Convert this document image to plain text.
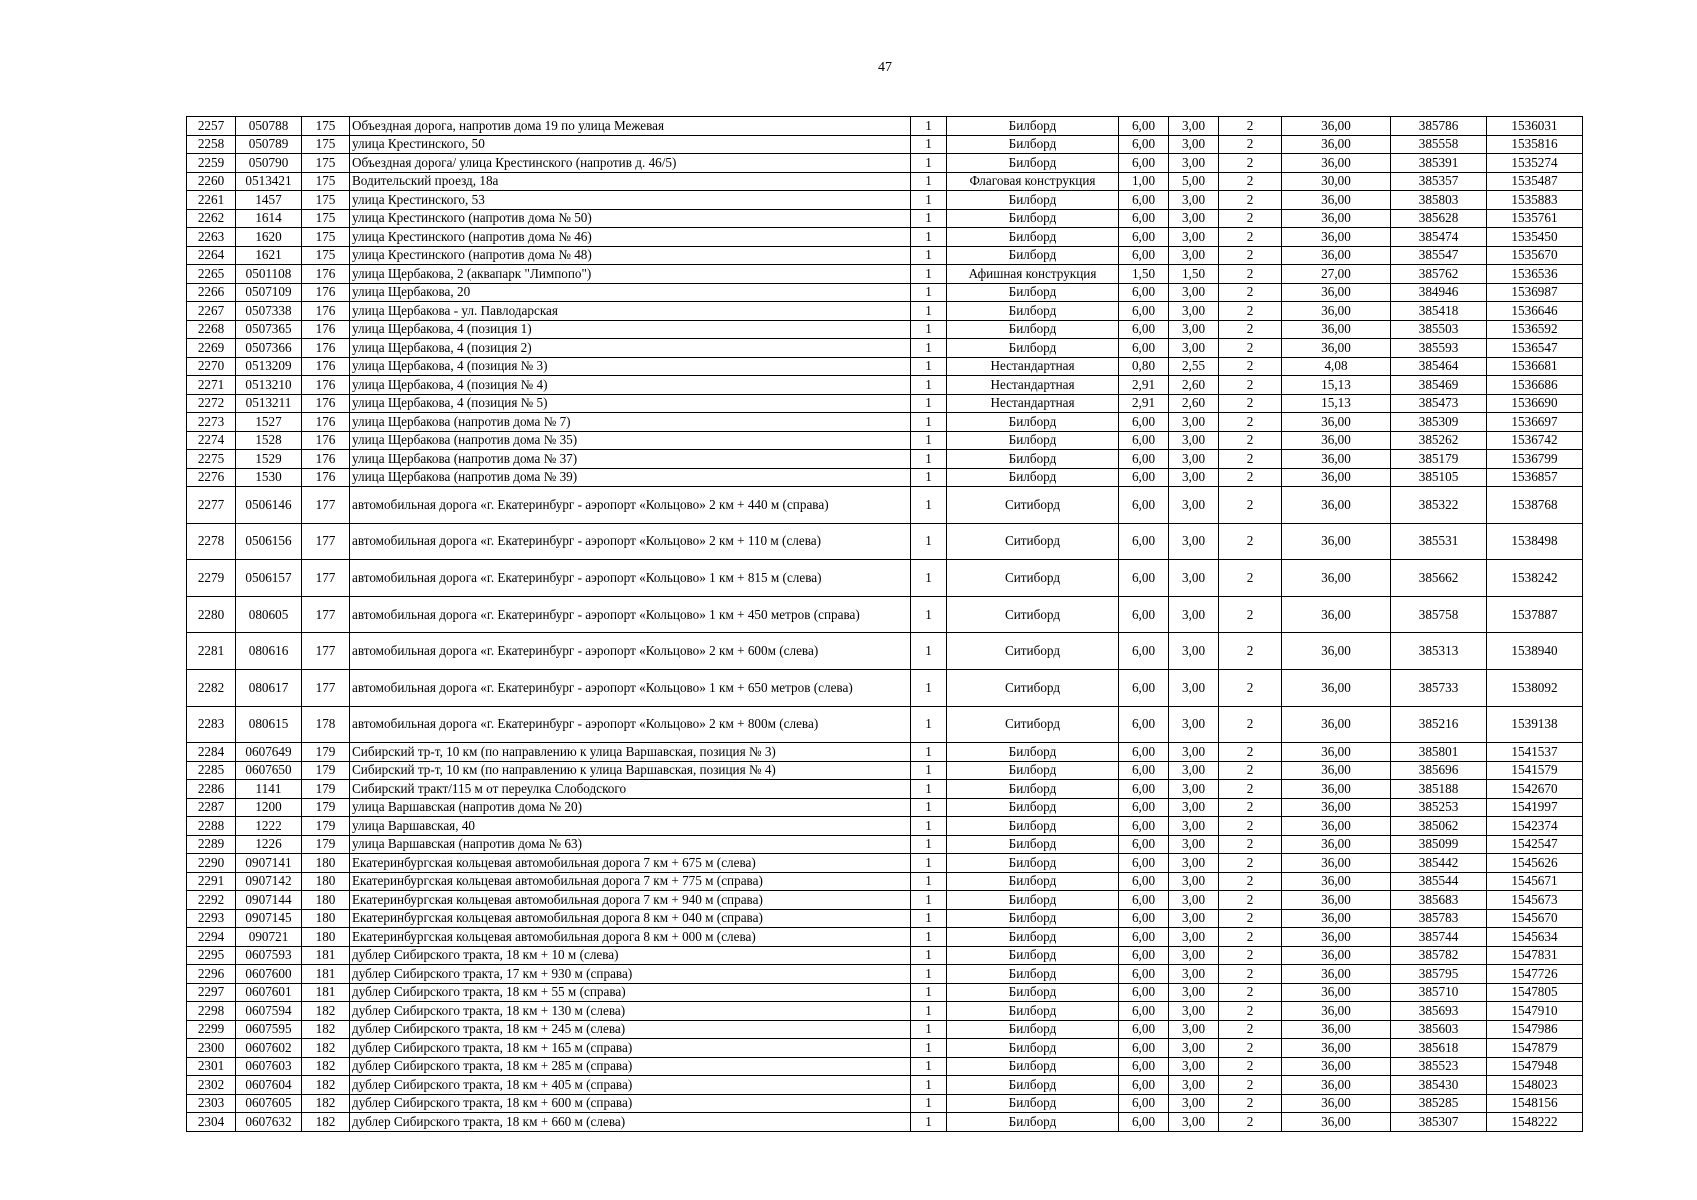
47
2257	050788	175	Объездная дорога, напротив дома 19 по улица Межевая	1	Билборд	6,00	3,00	2	36,00	385786	1536031
2258	050789	175	улица Крестинского, 50	1	Билборд	6,00	3,00	2	36,00	385558	1535816
2259	050790	175	Объездная дорога/ улица Крестинского (напротив д. 46/5)	1	Билборд	6,00	3,00	2	36,00	385391	1535274
2260	0513421	175	Водительский проезд, 18а	1	Флаговая конструкция	1,00	5,00	2	30,00	385357	1535487
2261	1457	175	улица Крестинского, 53	1	Билборд	6,00	3,00	2	36,00	385803	1535883
2262	1614	175	улица Крестинского (напротив дома № 50)	1	Билборд	6,00	3,00	2	36,00	385628	1535761
2263	1620	175	улица Крестинского (напротив дома № 46)	1	Билборд	6,00	3,00	2	36,00	385474	1535450
2264	1621	175	улица Крестинского (напротив дома № 48)	1	Билборд	6,00	3,00	2	36,00	385547	1535670
2265	0501108	176	улица Щербакова, 2 (аквапарк "Лимпопо")	1	Афишная конструкция	1,50	1,50	2	27,00	385762	1536536
2266	0507109	176	улица Щербакова, 20	1	Билборд	6,00	3,00	2	36,00	384946	1536987
2267	0507338	176	улица Щербакова - ул. Павлодарская	1	Билборд	6,00	3,00	2	36,00	385418	1536646
2268	0507365	176	улица Щербакова, 4 (позиция 1)	1	Билборд	6,00	3,00	2	36,00	385503	1536592
2269	0507366	176	улица Щербакова, 4 (позиция 2)	1	Билборд	6,00	3,00	2	36,00	385593	1536547
2270	0513209	176	улица Щербакова, 4 (позиция № 3)	1	Нестандартная	0,80	2,55	2	4,08	385464	1536681
2271	0513210	176	улица Щербакова, 4 (позиция № 4)	1	Нестандартная	2,91	2,60	2	15,13	385469	1536686
2272	0513211	176	улица Щербакова, 4 (позиция № 5)	1	Нестандартная	2,91	2,60	2	15,13	385473	1536690
2273	1527	176	улица Щербакова (напротив дома № 7)	1	Билборд	6,00	3,00	2	36,00	385309	1536697
2274	1528	176	улица Щербакова (напротив дома № 35)	1	Билборд	6,00	3,00	2	36,00	385262	1536742
2275	1529	176	улица Щербакова (напротив дома № 37)	1	Билборд	6,00	3,00	2	36,00	385179	1536799
2276	1530	176	улица Щербакова (напротив дома № 39)	1	Билборд	6,00	3,00	2	36,00	385105	1536857
2277	0506146	177	автомобильная дорога «г. Екатеринбург - аэропорт «Кольцово» 2 км + 440 м (справа)	1	Ситиборд	6,00	3,00	2	36,00	385322	1538768
2278	0506156	177	автомобильная дорога «г. Екатеринбург - аэропорт «Кольцово» 2 км + 110 м (слева)	1	Ситиборд	6,00	3,00	2	36,00	385531	1538498
2279	0506157	177	автомобильная дорога «г. Екатеринбург - аэропорт «Кольцово» 1 км + 815 м (слева)	1	Ситиборд	6,00	3,00	2	36,00	385662	1538242
2280	080605	177	автомобильная дорога «г. Екатеринбург - аэропорт «Кольцово» 1 км + 450 метров (справа)	1	Ситиборд	6,00	3,00	2	36,00	385758	1537887
2281	080616	177	автомобильная дорога «г. Екатеринбург - аэропорт «Кольцово» 2 км + 600м (слева)	1	Ситиборд	6,00	3,00	2	36,00	385313	1538940
2282	080617	177	автомобильная дорога «г. Екатеринбург - аэропорт «Кольцово» 1 км + 650 метров (слева)	1	Ситиборд	6,00	3,00	2	36,00	385733	1538092
2283	080615	178	автомобильная дорога «г. Екатеринбург - аэропорт «Кольцово» 2 км + 800м (слева)	1	Ситиборд	6,00	3,00	2	36,00	385216	1539138
2284	0607649	179	Сибирский тр-т, 10 км (по направлению к улица Варшавская, позиция № 3)	1	Билборд	6,00	3,00	2	36,00	385801	1541537
2285	0607650	179	Сибирский тр-т, 10 км (по направлению к улица Варшавская, позиция № 4)	1	Билборд	6,00	3,00	2	36,00	385696	1541579
2286	1141	179	Сибирский тракт/115 м от переулка Слободского	1	Билборд	6,00	3,00	2	36,00	385188	1542670
2287	1200	179	улица Варшавская (напротив дома № 20)	1	Билборд	6,00	3,00	2	36,00	385253	1541997
2288	1222	179	улица Варшавская, 40	1	Билборд	6,00	3,00	2	36,00	385062	1542374
2289	1226	179	улица Варшавская (напротив дома № 63)	1	Билборд	6,00	3,00	2	36,00	385099	1542547
2290	0907141	180	Екатеринбургская кольцевая автомобильная дорога 7 км + 675 м (слева)	1	Билборд	6,00	3,00	2	36,00	385442	1545626
2291	0907142	180	Екатеринбургская кольцевая автомобильная дорога 7 км + 775 м (справа)	1	Билборд	6,00	3,00	2	36,00	385544	1545671
2292	0907144	180	Екатеринбургская кольцевая автомобильная дорога 7 км + 940 м (справа)	1	Билборд	6,00	3,00	2	36,00	385683	1545673
2293	0907145	180	Екатеринбургская кольцевая автомобильная дорога 8 км + 040 м (справа)	1	Билборд	6,00	3,00	2	36,00	385783	1545670
2294	090721	180	Екатеринбургская кольцевая автомобильная дорога 8 км + 000 м (слева)	1	Билборд	6,00	3,00	2	36,00	385744	1545634
2295	0607593	181	дублер Сибирского тракта, 18 км + 10 м (слева)	1	Билборд	6,00	3,00	2	36,00	385782	1547831
2296	0607600	181	дублер Сибирского тракта, 17 км + 930 м (справа)	1	Билборд	6,00	3,00	2	36,00	385795	1547726
2297	0607601	181	дублер Сибирского тракта, 18 км + 55 м (справа)	1	Билборд	6,00	3,00	2	36,00	385710	1547805
2298	0607594	182	дублер Сибирского тракта, 18 км + 130 м (слева)	1	Билборд	6,00	3,00	2	36,00	385693	1547910
2299	0607595	182	дублер Сибирского тракта, 18 км + 245 м (слева)	1	Билборд	6,00	3,00	2	36,00	385603	1547986
2300	0607602	182	дублер Сибирского тракта, 18 км + 165 м (справа)	1	Билборд	6,00	3,00	2	36,00	385618	1547879
2301	0607603	182	дублер Сибирского тракта, 18 км + 285 м (справа)	1	Билборд	6,00	3,00	2	36,00	385523	1547948
2302	0607604	182	дублер Сибирского тракта, 18 км + 405 м (справа)	1	Билборд	6,00	3,00	2	36,00	385430	1548023
2303	0607605	182	дублер Сибирского тракта, 18 км + 600 м (справа)	1	Билборд	6,00	3,00	2	36,00	385285	1548156
2304	0607632	182	дублер Сибирского тракта, 18 км + 660 м (слева)	1	Билборд	6,00	3,00	2	36,00	385307	1548222
